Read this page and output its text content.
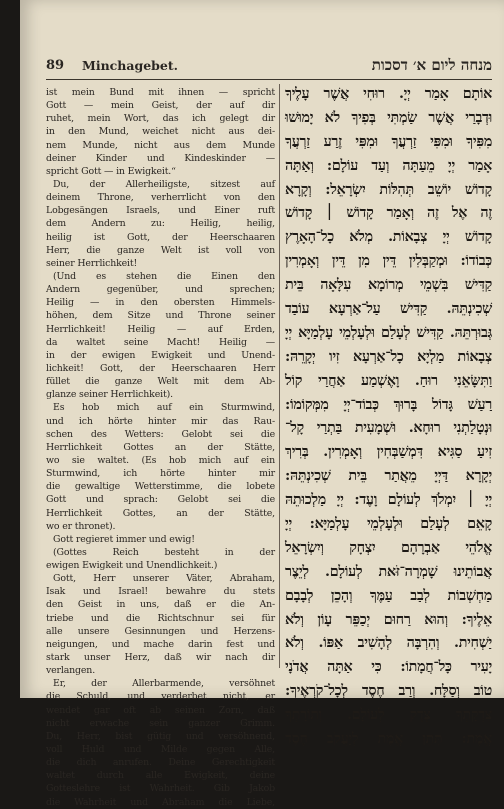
89 Minchagebet.	מנחה ליום א׳ דסכות
ist mein Bund mit ihnen — spricht
Gott — mein Geist, der auf dir
ruhet, mein Wort, das ich gelegt dir
in den Mund, weichet nicht aus dei-
nem Munde, nicht aus dem Munde
deiner Kinder und Kindeskinder —
spricht Gott — in Ewigkeit.“
Du, der Allerheiligste, sitzest auf
deinem Throne, verherrlicht von den
Lobgesängen Israels, und Einer ruft
dem Andern zu: Heilig, heilig,
heilig ist Gott, der Heerschaaren
Herr, die ganze Welt ist voll von
seiner Herrlichkeit!
(Und es stehen die Einen den
Andern gegenüber, und sprechen;
Heilig — in den obersten Himmels-
höhen, dem Sitze und Throne seiner
Herrlichkeit! Heilig — auf Erden,
da waltet seine Macht! Heilig —
in der ewigen Ewigkeit und Unend-
lichkeit! Gott, der Heerschaaren Herr
füllet die ganze Welt mit dem Ab-
glanze seiner Herrlichkeit).
Es hob mich auf ein Sturmwind,
und ich hörte hinter mir das Rau-
schen des Wetters: Gelobt sei die
Herrlichkeit Gottes an der Stätte,
wo sie waltet. (Es hob mich auf ein
Sturmwind, ich hörte hinter mir
die gewaltige Wetterstimme, die lobete
Gott und sprach: Gelobt sei die
Herrlichkeit Gottes, an der Stätte,
wo er thronet).
Gott regieret immer und ewig!
(Gottes Reich besteht in der
ewigen Ewigkeit und Unendlichkeit.)
Gott, Herr unserer Väter, Abraham,
Isak und Israel! bewahre du stets
den Geist in uns, daß er die An-
triebe und die Richtschnur sei für
alle unsere Gesinnungen und Herzens-
neigungen, und mache darin fest und
stark unser Herz, daß wir nach dir
verlangen.
Er, der Allerbarmende, versöhnet
die Schuld, und verderbet nicht, er
wendet gar oft ab seinen Zorn, daß
nicht erwache sein ganzer Grimm.
Du, Herr, bist gütig und versöhnend,
voll Huld und Milde gegen Alle,
die dich anrufen. Deine Gerechtigkeit
waltet durch alle Ewigkeit, deine
Gotteslehre ist Wahrheit. Gib Jakob
die Wahrheit und Abraham die Liebe,
אוֹתָם אָמַר יְיָ. רוּחִי אֲשֶׁר עָלֶיךָ
וּדְבָרַי אֲשֶׁר שַׂמְתִּי בְּפִיךָ לֹא יָמוּשׁוּ
מִפִּיךָ וּמִפִּי זַרְעֲךָ וּמִפִּי זֶרַע זַרְעֲךָ
אָמַר יְיָ מֵעַתָּה וְעַד עוֹלָם: וְאַתָּה
קָדוֹשׁ יוֹשֵׁב תְּהִלּוֹת יִשְׂרָאֵל: וְקָרָא
זֶה אֶל זֶה וְאָמַר קָדוֹשׁ ׀ קָדוֹשׁ
קָדוֹשׁ יְיָ צְבָאוֹת. מְלֹא כָל־הָאָרֶץ
כְּבוֹדוֹ: וּמְקַבְּלִין דֵּין מִן דֵּין וְאָמְרִין
קַדִּישׁ בִּשְׁמֵי מְרוֹמָא עִלָּאָה בֵּית
שְׁכִינְתֵּהּ. קַדִּישׁ עַל־אַרְעָא עוֹבַד
גְּבוּרְתֵּהּ. קַדִּישׁ לְעָלַם וּלְעָלְמֵי עָלְמַיָּא יְיָ
צְבָאוֹת מַלְיָא כָל־אַרְעָא זִיו יְקָרֵהּ:
וַתִּשָּׂאֵנִי רוּחַ. וָאֶשְׁמַע אַחֲרַי קוֹל
רַעַשׁ גָּדוֹל בָּרוּךְ כְּבוֹד־יְיָ מִמְּקוֹמוֹ:
וּנְטָלַתְנִי רוּחָא. וּשְׁמָעִית בַּתְרַי קָל־
זִיעַ סַגִּיא דִּמְשַׁבְּחִין וְאָמְרִין. בְּרִיךְ
יְקָרָא דַּיְיָ מֵאֲתַר בֵּית שְׁכִינְתֵּהּ:
יְיָ ׀ יִמְלֹךְ לְעוֹלָם וָעֶד: יְיָ מַלְכוּתֵהּ
קָאֵם לְעָלַם וּלְעָלְמֵי עָלְמַיָּא: יְיָ
אֱלֹהֵי אַבְרָהָם יִצְחָק וְיִשְׂרָאֵל
אֲבוֹתֵינוּ שָׁמְרָה־זֹּאת לְעוֹלָם. לְיֵצֶר
מַחְשְׁבוֹת לְבַב עַמֶּךָ וְהָכֵן לְבָבָם
אֵלֶיךָ: וְהוּא רַחוּם יְכַפֵּר עָוֹן וְלֹא
יַשְׁחִית. וְהִרְבָּה לְהָשִׁיב אַפּוֹ. וְלֹא
יָעִיר כָּל־חֲמָתוֹ: כִּי אַתָּה אֲדֹנָי
טוֹב וְסַלָּח. וְרַב חֶסֶד לְכָל־קֹרְאֶיךָ:
צִדְקָתְךָ צֶדֶק לְעוֹלָם. וְתוֹרָתְךָ
אֱמֶת: תִּתֵּן אֱמֶת לְיַעֲקֹב חֶסֶד
